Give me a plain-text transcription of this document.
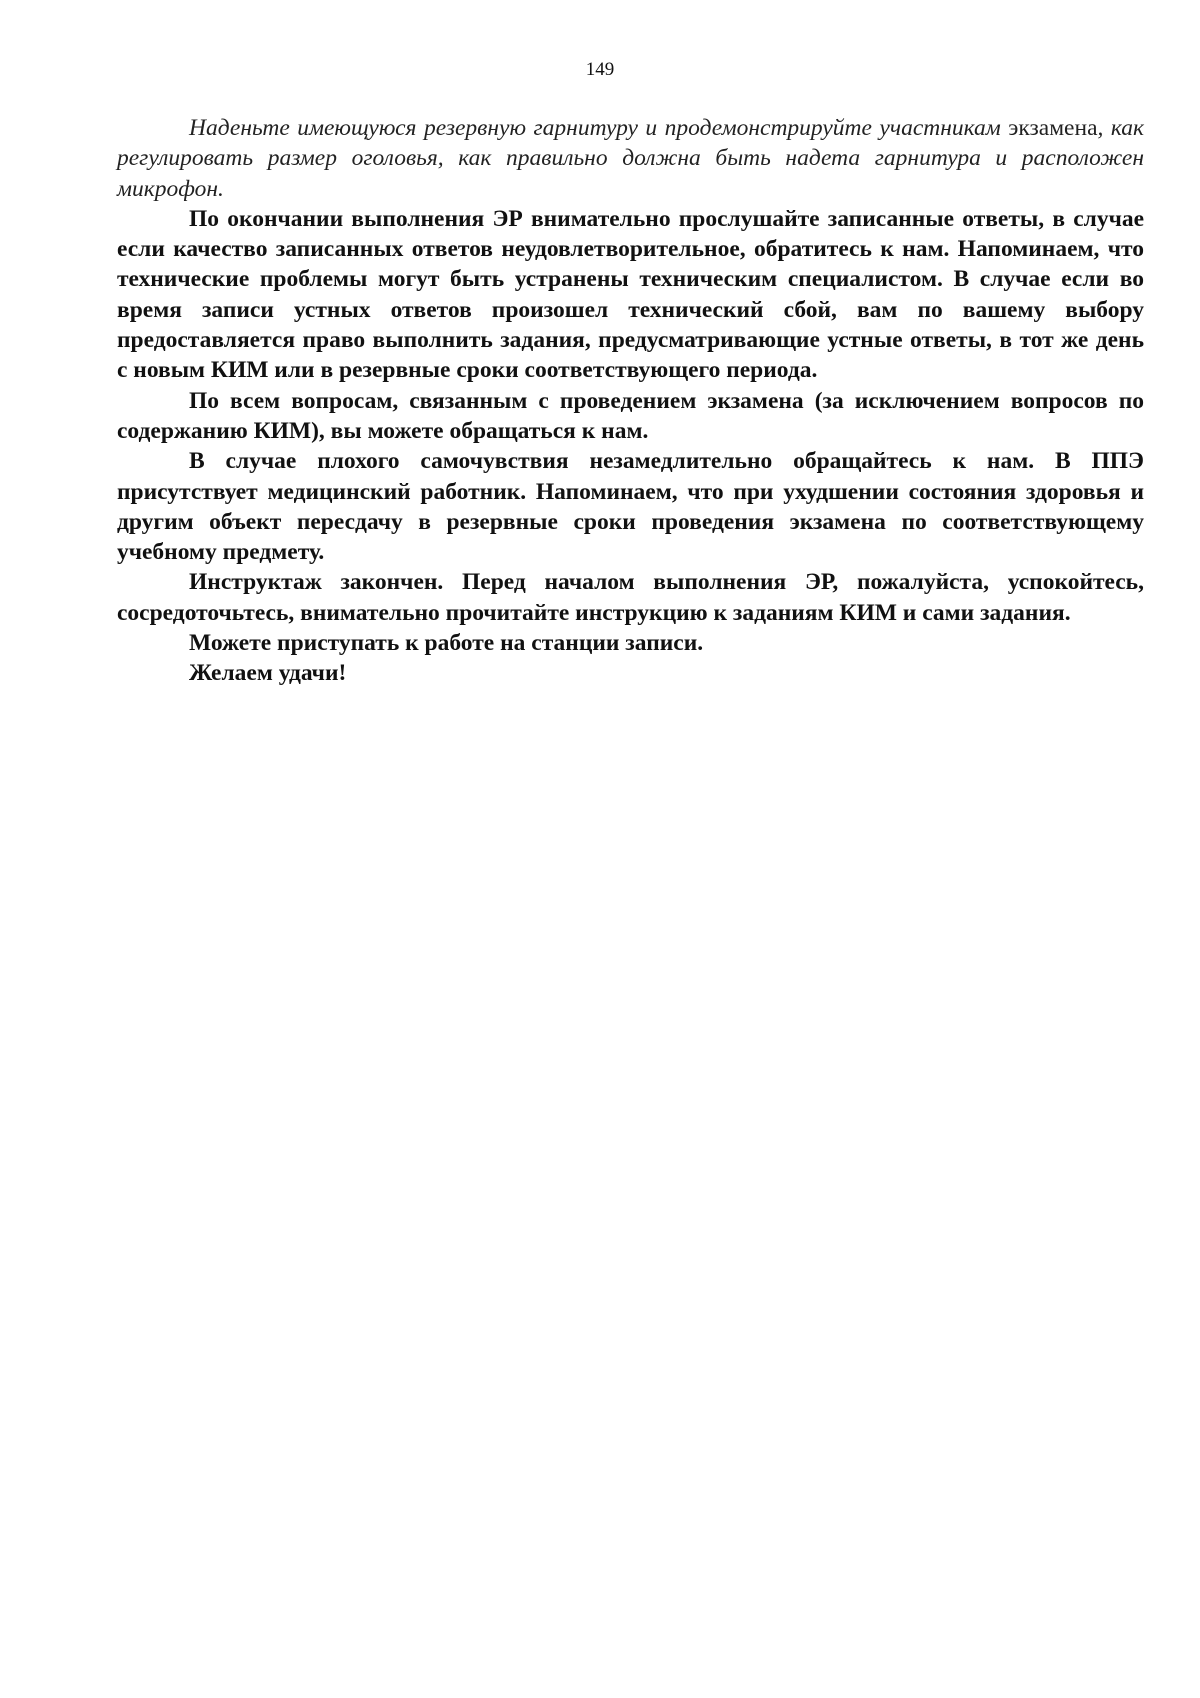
149

Наденьте имеющуюся резервную гарнитуру и продемонстрируйте участникам экзамена, как регулировать размер оголовья, как правильно должна быть надета гарнитура и расположен микрофон.

По окончании выполнения ЭР внимательно прослушайте записанные ответы, в случае если качество записанных ответов неудовлетворительное, обратитесь к нам. Напоминаем, что технические проблемы могут быть устранены техническим специалистом. В случае если во время записи устных ответов произошел технический сбой, вам по вашему выбору предоставляется право выполнить задания, предусматривающие устные ответы, в тот же день с новым КИМ или в резервные сроки соответствующего периода.

По всем вопросам, связанным с проведением экзамена (за исключением вопросов по содержанию КИМ), вы можете обращаться к нам.

В случае плохого самочувствия незамедлительно обращайтесь к нам. В ППЭ присутствует медицинский работник. Напоминаем, что при ухудшении состояния здоровья и другим объект пересдачу в резервные сроки проведения экзамена по соответствующему учебному предмету.

Инструктаж закончен. Перед началом выполнения ЭР, пожалуйста, успокойтесь, сосредоточьтесь, внимательно прочитайте инструкцию к заданиям КИМ и сами задания.

Можете приступать к работе на станции записи.

Желаем удачи!
